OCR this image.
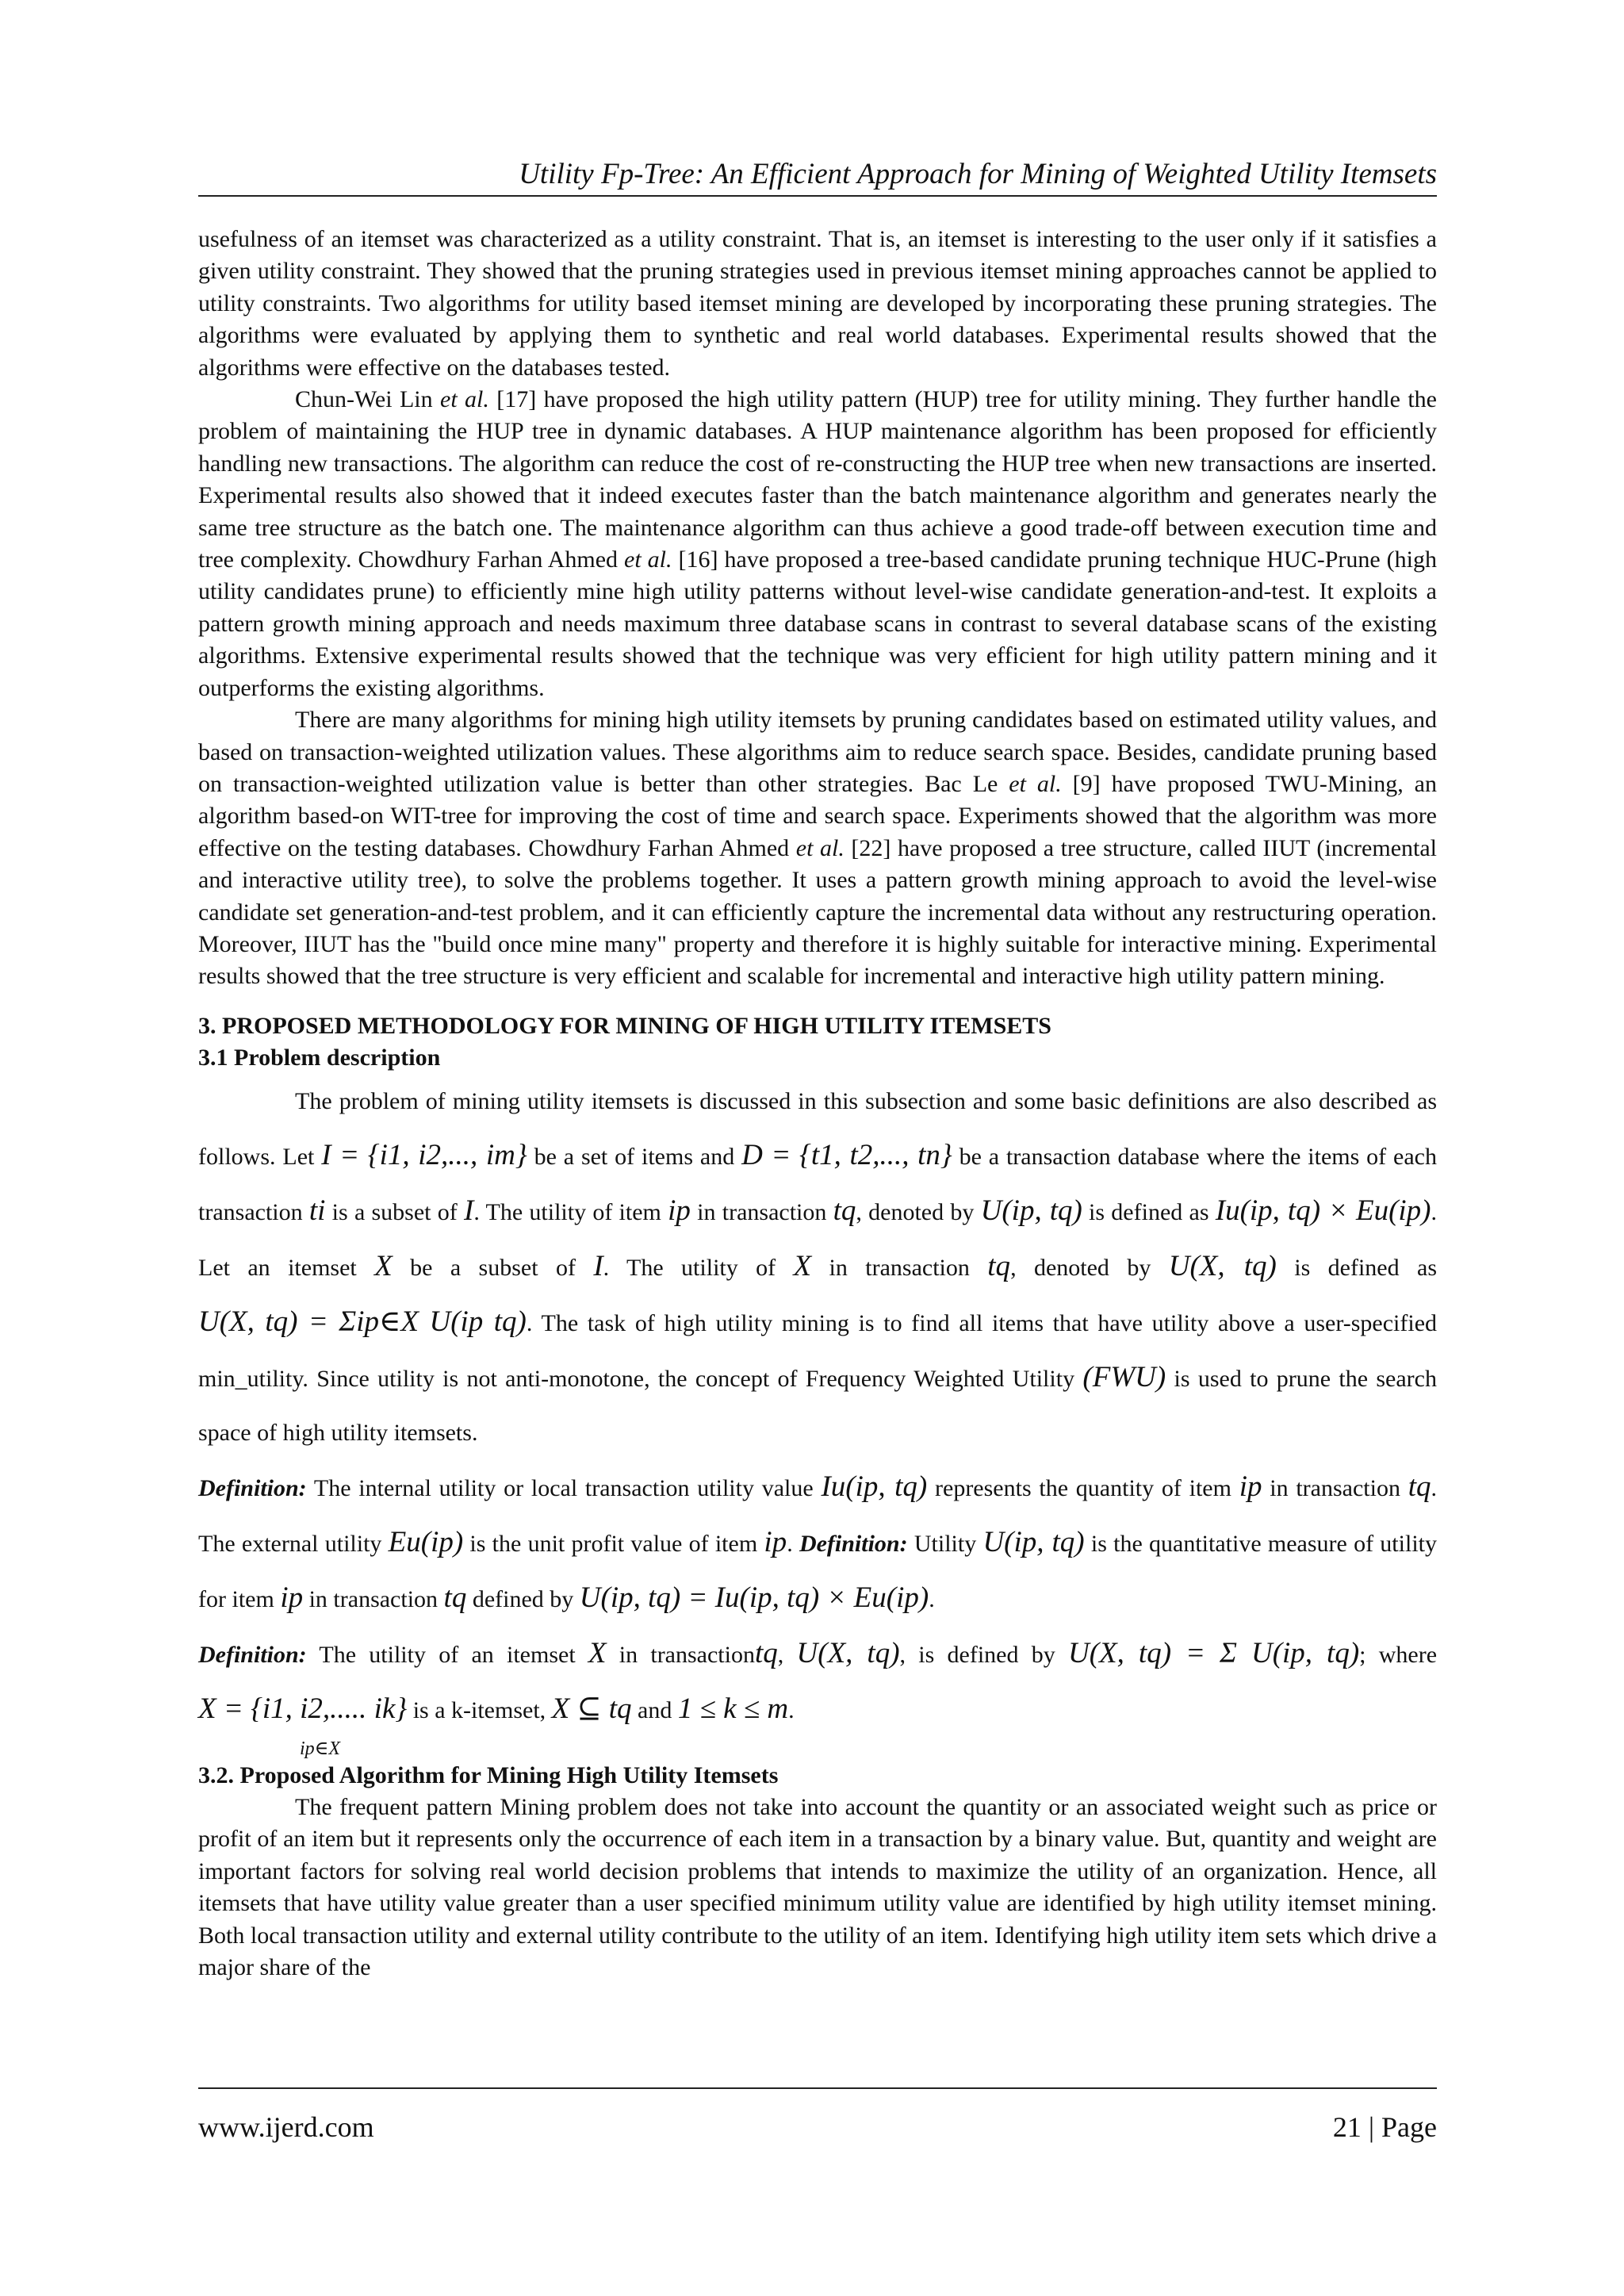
Utility Fp-Tree: An Efficient Approach for Mining of Weighted Utility Itemsets

usefulness of an itemset was characterized as a utility constraint. That is, an itemset is interesting to the user only if it satisfies a given utility constraint. They showed that the pruning strategies used in previous itemset mining approaches cannot be applied to utility constraints. Two algorithms for utility based itemset mining are developed by incorporating these pruning strategies. The algorithms were evaluated by applying them to synthetic and real world databases. Experimental results showed that the algorithms were effective on the databases tested.

Chun-Wei Lin et al. [17] have proposed the high utility pattern (HUP) tree for utility mining. They further handle the problem of maintaining the HUP tree in dynamic databases. A HUP maintenance algorithm has been proposed for efficiently handling new transactions. The algorithm can reduce the cost of re-constructing the HUP tree when new transactions are inserted. Experimental results also showed that it indeed executes faster than the batch maintenance algorithm and generates nearly the same tree structure as the batch one. The maintenance algorithm can thus achieve a good trade-off between execution time and tree complexity. Chowdhury Farhan Ahmed et al. [16] have proposed a tree-based candidate pruning technique HUC-Prune (high utility candidates prune) to efficiently mine high utility patterns without level-wise candidate generation-and-test. It exploits a pattern growth mining approach and needs maximum three database scans in contrast to several database scans of the existing algorithms. Extensive experimental results showed that the technique was very efficient for high utility pattern mining and it outperforms the existing algorithms.

There are many algorithms for mining high utility itemsets by pruning candidates based on estimated utility values, and based on transaction-weighted utilization values. These algorithms aim to reduce search space. Besides, candidate pruning based on transaction-weighted utilization value is better than other strategies. Bac Le et al. [9] have proposed TWU-Mining, an algorithm based-on WIT-tree for improving the cost of time and search space. Experiments showed that the algorithm was more effective on the testing databases. Chowdhury Farhan Ahmed et al. [22] have proposed a tree structure, called IIUT (incremental and interactive utility tree), to solve the problems together. It uses a pattern growth mining approach to avoid the level-wise candidate set generation-and-test problem, and it can efficiently capture the incremental data without any restructuring operation. Moreover, IIUT has the "build once mine many" property and therefore it is highly suitable for interactive mining. Experimental results showed that the tree structure is very efficient and scalable for incremental and interactive high utility pattern mining.

3. PROPOSED METHODOLOGY FOR MINING OF HIGH UTILITY ITEMSETS
3.1 Problem description

The problem of mining utility itemsets is discussed in this subsection and some basic definitions are also described as follows. Let I = {i1, i2,..., im} be a set of items and D = {t1, t2,..., tn} be a transaction database where the items of each transaction ti is a subset of I. The utility of item ip in transaction tq, denoted by U(ip, tq) is defined as Iu(ip, tq) × Eu(ip). Let an itemset X be a subset of I. The utility of X in transaction tq, denoted by U(X, tq) is defined as U(X, tq) = Σip∈X U(ip tq). The task of high utility mining is to find all items that have utility above a user-specified min_utility. Since utility is not anti-monotone, the concept of Frequency Weighted Utility (FWU) is used to prune the search space of high utility itemsets.

Definition: The internal utility or local transaction utility value Iu(ip, tq) represents the quantity of item ip in transaction tq. The external utility Eu(ip) is the unit profit value of item ip. Definition: Utility U(ip, tq) is the quantitative measure of utility for item ip in transaction tq defined by U(ip, tq) = Iu(ip, tq) × Eu(ip).

Definition: The utility of an itemset X in transactiontq, U(X, tq), is defined by U(X, tq) = Σ U(ip, tq); where X = {i1, i2,..... ik} is a k-itemset, X ⊆ tq and 1 ≤ k ≤ m.

ip∈X

3.2. Proposed Algorithm for Mining High Utility Itemsets

The frequent pattern Mining problem does not take into account the quantity or an associated weight such as price or profit of an item but it represents only the occurrence of each item in a transaction by a binary value. But, quantity and weight are important factors for solving real world decision problems that intends to maximize the utility of an organization. Hence, all itemsets that have utility value greater than a user specified minimum utility value are identified by high utility itemset mining. Both local transaction utility and external utility contribute to the utility of an item. Identifying high utility item sets which drive a major share of the

www.ijerd.com	21 | Page
